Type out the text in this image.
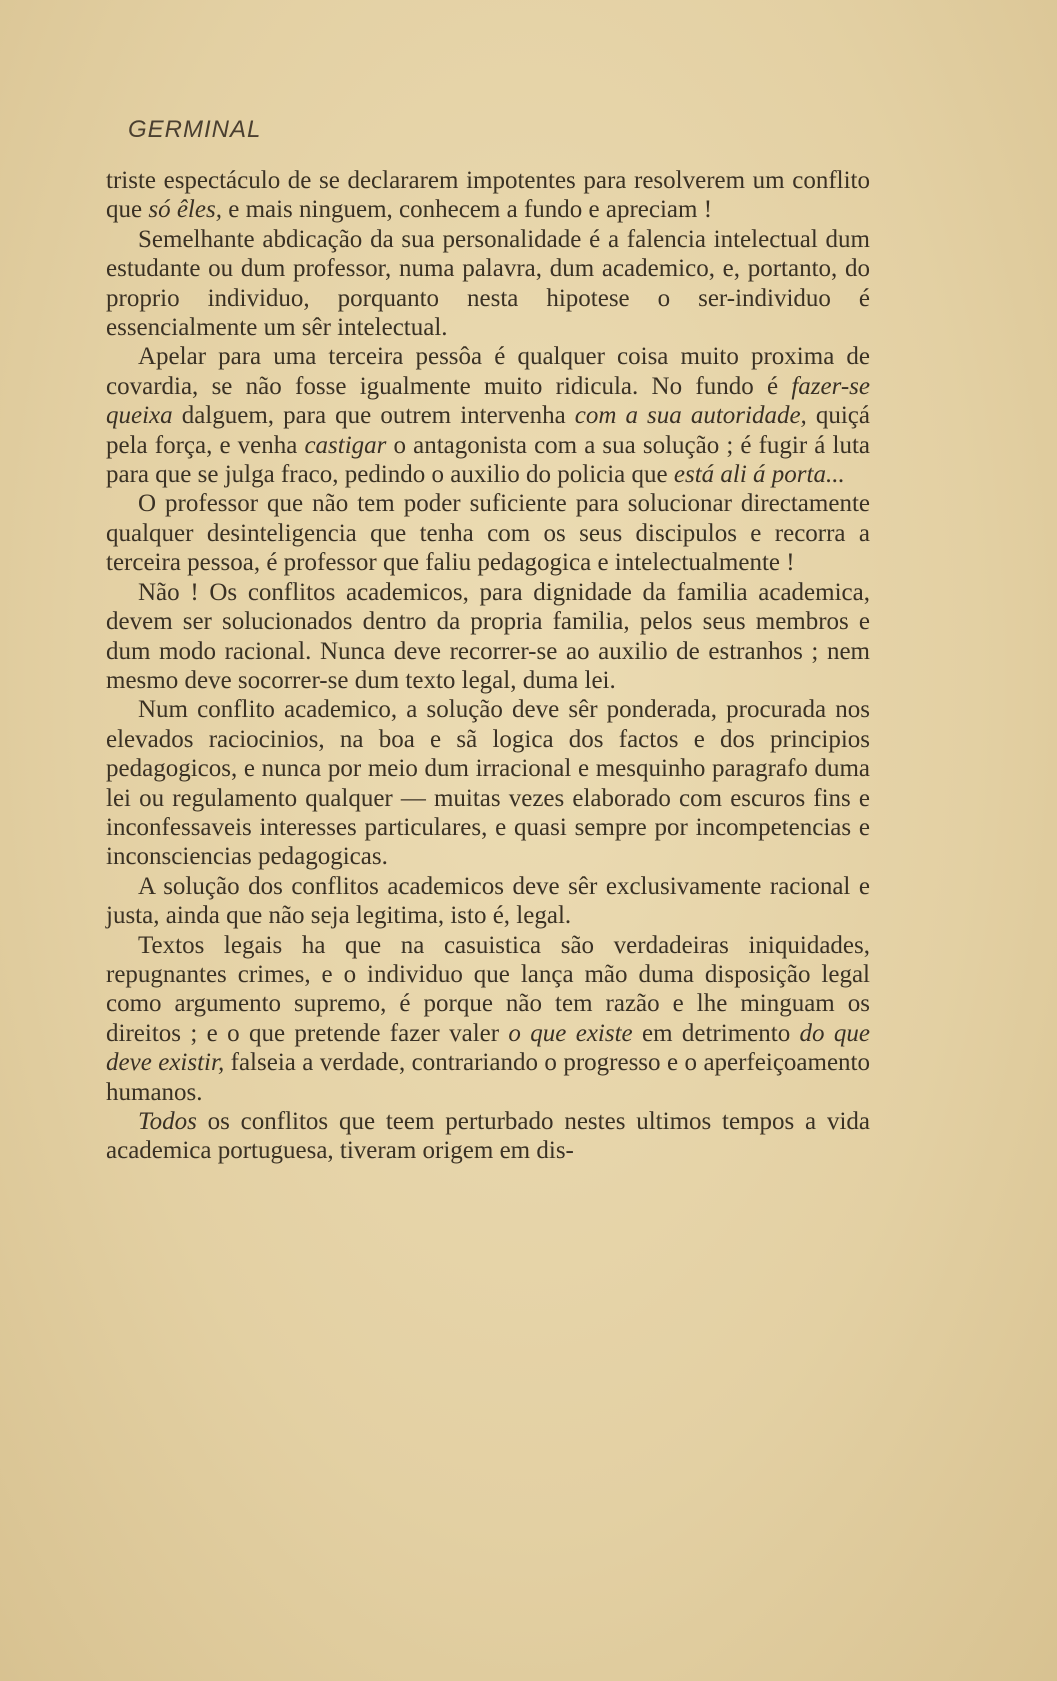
GERMINAL

triste espectáculo de se declararem impotentes para resolverem um conflito que só êles, e mais ninguem, conhecem a fundo e apreciam !

Semelhante abdicação da sua personalidade é a falencia intelectual dum estudante ou dum professor, numa palavra, dum academico, e, portanto, do proprio individuo, porquanto nesta hipotese o ser-individuo é essencialmente um sêr intelectual.

Apelar para uma terceira pessôa é qualquer coisa muito proxima de covardia, se não fosse igualmente muito ridicula. No fundo é fazer-se queixa dalguem, para que outrem intervenha com a sua autoridade, quiçá pela força, e venha castigar o antagonista com a sua solução ; é fugir á luta para que se julga fraco, pedindo o auxilio do policia que está ali á porta...

O professor que não tem poder suficiente para solucionar directamente qualquer desinteligencia que tenha com os seus discipulos e recorra a terceira pessoa, é professor que faliu pedagogica e intelectualmente !

Não ! Os conflitos academicos, para dignidade da familia academica, devem ser solucionados dentro da propria familia, pelos seus membros e dum modo racional. Nunca deve recorrer-se ao auxilio de estranhos ; nem mesmo deve socorrer-se dum texto legal, duma lei.

Num conflito academico, a solução deve sêr ponderada, procurada nos elevados raciocinios, na boa e sã logica dos factos e dos principios pedagogicos, e nunca por meio dum irracional e mesquinho paragrafo duma lei ou regulamento qualquer — muitas vezes elaborado com escuros fins e inconfessaveis interesses particulares, e quasi sempre por incompetencias e inconsciencias pedagogicas.

A solução dos conflitos academicos deve sêr exclusivamente racional e justa, ainda que não seja legitima, isto é, legal.

Textos legais ha que na casuistica são verdadeiras iniquidades, repugnantes crimes, e o individuo que lança mão duma disposição legal como argumento supremo, é porque não tem razão e lhe minguam os direitos ; e o que pretende fazer valer o que existe em detrimento do que deve existir, falseia a verdade, contrariando o progresso e o aperfeiçoamento humanos.

Todos os conflitos que teem perturbado nestes ultimos tempos a vida academica portuguesa, tiveram origem em dis-
